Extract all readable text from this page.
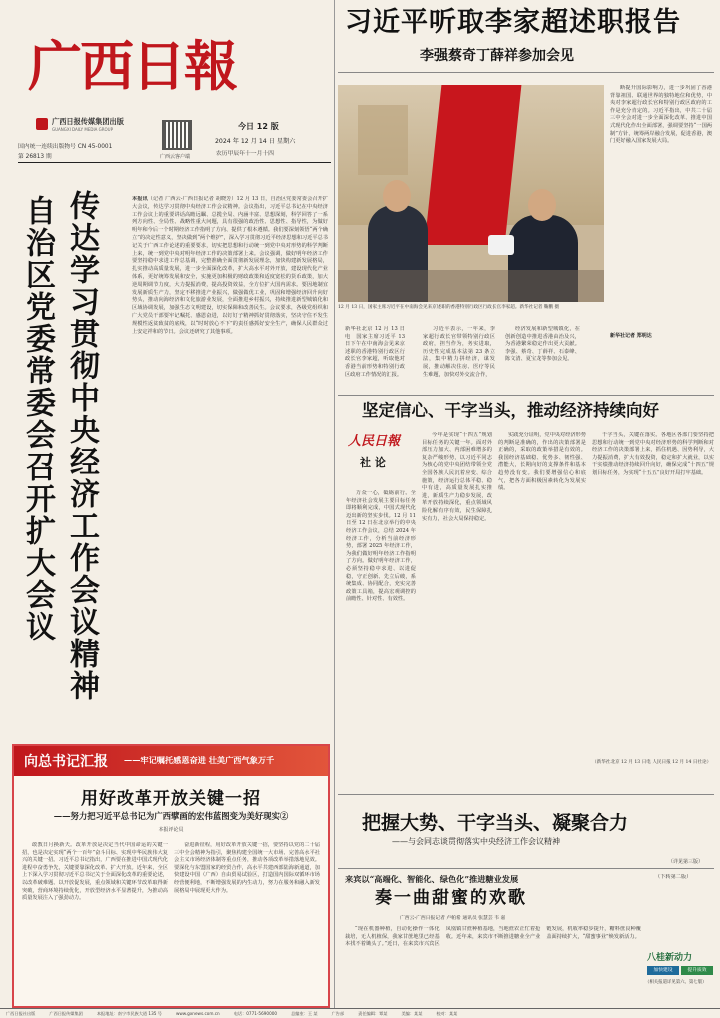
广西日報
广西日报传媒集团出版
GUANGXI DAILY MEDIA GROUP
国内统一连续出版物号 CN 45-0001
第 26813 期	广西云客户端
今日 12 版
2024 年 12 月 14 日 星期六
农历甲辰年十一月十四
习近平听取李家超述职报告
李强蔡奇丁薛祥参加会见
12 月 13 日，国家主席习近平在中南海会见来京述职的香港特别行政区行政长官李家超。新华社记者 鞠鹏 摄
新华社北京 12 月 13 日电　国家主席习近平 13 日下午在中南海会见来京述职的香港特别行政区行政长官李家超，听取他对香港当前形势和特别行政区政府工作情况的汇报。
习近平表示，一年来，李家超行政长官带领特别行政区政府，担当作为，务实进取，历史性完成基本法第 23 条立法，集中精力拼经济，谋发展，推动解决住房、医疗等民生难题，加快对外交流合作，
经济发展和新型城镇化，在创新创造中推进香港由治及兴，为香港繁荣稳定作出更大贡献。李强、蔡奇、丁薛祥、石泰峰、陈文清、夏宝龙等参加会见。
断提升国际影响力，进一步巩固了香港背靠祖国、联通世界的独特地位和优势，中央对李家超行政长官和特别行政区政府的工作是充分肯定的。习近平指出，中共二十届三中全会对进一步全面深化改革、推进中国式现代化作出全面部署，强调要坚持“一国两制”方针，统筹两岸融合发展，促进香港，澳门更好融入国家发展大局。
新华社记者 郑明达
传达学习贯彻中央经济工作会议精神
自治区党委常委会召开扩大会议	本报讯（记者 广西云-广西日报记者 胡晓芳）12 月 13 日，自治区党委常委会召开扩大会议，传达学习贯彻中央经济工作会议精神。会议指出，习近平总书记在中央经济工作会议上的重要讲话高瞻远瞩、总揽全局、内涵丰富、思想深刻，科学回答了一系列方向性、全局性、战略性重大问题，具有很强的政治性、思想性、指导性，为做好明年和今后一个时期经济工作指明了方向、提供了根本遵循。我们要深刻领悟“两个确立”的决定性意义，坚决做到“两个维护”，深入学习贯彻习近平经济思想和习近平总书记关于广西工作论述的重要要求，切实把思想和行动统一到党中央对形势的科学判断上来，统一到党中央对明年经济工作的决策部署上来。会议强调，做好明年经济工作要坚持稳中求进工作总基调，完整准确全面贯彻新发展理念，加快构建新发展格局，扎实推动高质量发展，进一步全面深化改革，扩大高水平对外开放，建设现代化产业体系，更好统筹发展和安全，实施更加积极的财政政策和适度宽松的货币政策，加大逆周期调节力度，大力提振消费，提高投资效益，全方位扩大国内需求。要因地制宜发展新质生产力，坚定不移推进产业振兴，做强做优工业，巩固和增强经济回升向好势头，推动向海经济和文化旅游业发展，全面推进乡村振兴，持续推进新型城镇化和区域协调发展，加强生态文明建设，切实保障和改善民生。会议要求，各级党组织和广大党员干部要牢记嘱托、感恩奋进，以钉钉子精神抓好贯彻落实，坚决守住不发生规模性返贫致贫的底线，以“时时放心不下”的责任感抓好安全生产，确保人民群众过上安定祥和的节日。会议还研究了其他事项。
向总书记汇报 ——牢记嘱托感恩奋进 壮美广西气象万千
用好改革开放关键一招
——努力把习近平总书记为广西擘画的宏伟蓝图变为美好现实②
本报评论员
敢教日月换新天。改革开放是决定当代中国命运的关键一招，也是决定实现“两个一百年”奋斗目标、实现中华民族伟大复兴的关键一招。习近平总书记指出，广西要在推进中国式现代化进程中奋勇争先，关键要靠深化改革、扩大开放。近年来，全区上下深入学习贯彻习近平总书记关于全面深化改革的重要论述，以改革破难题、以开放促发展，重点领域和关键环节改革取得新突破，营商环境持续优化，开放型经济水平显著提升，为推动高质量发展注入了强劲动力。
奋进新征程，用好改革开放关键一招，要坚持以党的二十届三中全会精神为指引，聚焦构建全国统一大市场、完善高水平社会主义市场经济体制等重点任务，推动各项改革举措落地见效。要深化与东盟国家的经贸合作，高水平共建西部陆海新通道，加快建设中国（广西）自由贸易试验区，打造国内国际双循环市场经营便利地，不断增强发展的内生动力，努力在服务和融入新发展格局中展现更大作为。
坚定信心、干字当头，推动经济持续向好
人民日報
社 论
万众一心，砥砺前行。全年经济社会发展主要目标任务即将顺利完成，中国式现代化迈出新的坚实步伐。12 月 11 日至 12 日在北京举行的中央经济工作会议，总结 2024 年经济工作，分析当前经济形势，部署 2025 年经济工作，为我们做好明年经济工作指明了方向。做好明年经济工作，必须坚持稳中求进、以进促稳，守正创新、先立后破，系统集成、协同配合，充实完善政策工具箱，提高宏观调控的前瞻性、针对性、有效性。
今年是实现“十四五”规划目标任务的关键一年。面对外部压力加大、内部困难增多的复杂严峻形势，以习近平同志为核心的党中央团结带领全党全国各族人民沉着应变、综合施策，经济运行总体平稳、稳中有进，高质量发展扎实推进，新质生产力稳步发展，改革开放持续深化，重点领域风险化解有序有效，民生保障扎实有力，社会大局保持稳定。
实践充分证明，党中央对经济形势的判断是准确的，作出的决策部署是正确的，采取的政策举措是有效的。我国经济基础稳、优势多、韧性强、潜能大，长期向好的支撑条件和基本趋势没有变。我们要增强信心和底气，把各方面积极因素转化为发展实绩。
干字当头，关键在落实。各地区各部门要坚持把思想和行动统一到党中央对经济形势的科学判断和对经济工作的决策部署上来，抓住机遇、因势利导，大力提振消费，扩大有效投资，稳定和扩大就业，以实干实绩推动经济持续回升向好，确保完成“十四五”规划目标任务，为实现“十五五”良好开局打牢基础。
（新华社北京 12 月 13 日电 人民日报 12 月 14 日社论）
把握大势、干字当头、凝聚合力
——与会同志谈贯彻落实中央经济工作会议精神
（详见第三版）
来宾以“高端化、智能化、绿色化”推进糖业发展
奏一曲甜蜜的欢歌
广西云-广西日报记者 卢帕希 通讯员 张慧芸 韦 嘉
“现在机器种植，自动化操作一体化栽培，无人机植保，我家甘蔗地里已经基本找不着锄头了。”近日，在来宾市兴宾区凤凰镇甘蔗种植基地，当地蔗农正忙着抢收。近年来，来宾市不断推进糖业全产业链发展，机收率稳步提升，糖料蔗良种覆盖面持续扩大，“甜蜜事业”焕发新活力。
（下转第二版）
八桂新动力
加快建设	提升质效
（相关报道详见第六、第七版）
广西日报社出版	广西日报传媒集团	本报地址：南宁市民族大道 135 号	www.gxnews.com.cn	电话：0771-5690000	总编室：王 某	广告部	责任编辑：覃某	美编：某某	校对：某某
